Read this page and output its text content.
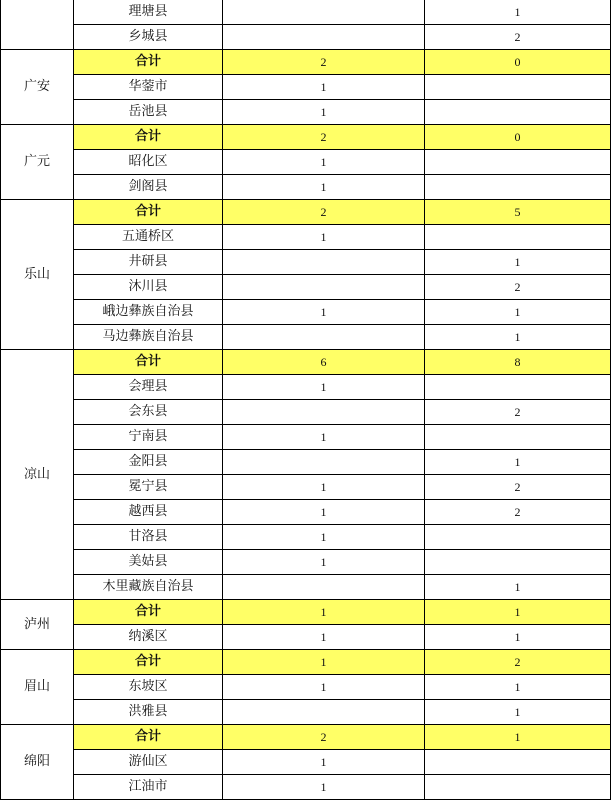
	理塘县		1
	乡城县		2
广安	合计	2	0
	华蓥市	1	
	岳池县	1	
广元	合计	2	0
	昭化区	1	
	剑阁县	1	
乐山	合计	2	5
	五通桥区	1	
	井研县		1
	沐川县		2
	峨边彝族自治县	1	1
	马边彝族自治县		1
凉山	合计	6	8
	会理县	1	
	会东县		2
	宁南县	1	
	金阳县		1
	冕宁县	1	2
	越西县	1	2
	甘洛县	1	
	美姑县	1	
	木里藏族自治县		1
泸州	合计	1	1
	纳溪区	1	1
眉山	合计	1	2
	东坡区	1	1
	洪雅县		1
绵阳	合计	2	1
	游仙区	1	
	江油市	1	
